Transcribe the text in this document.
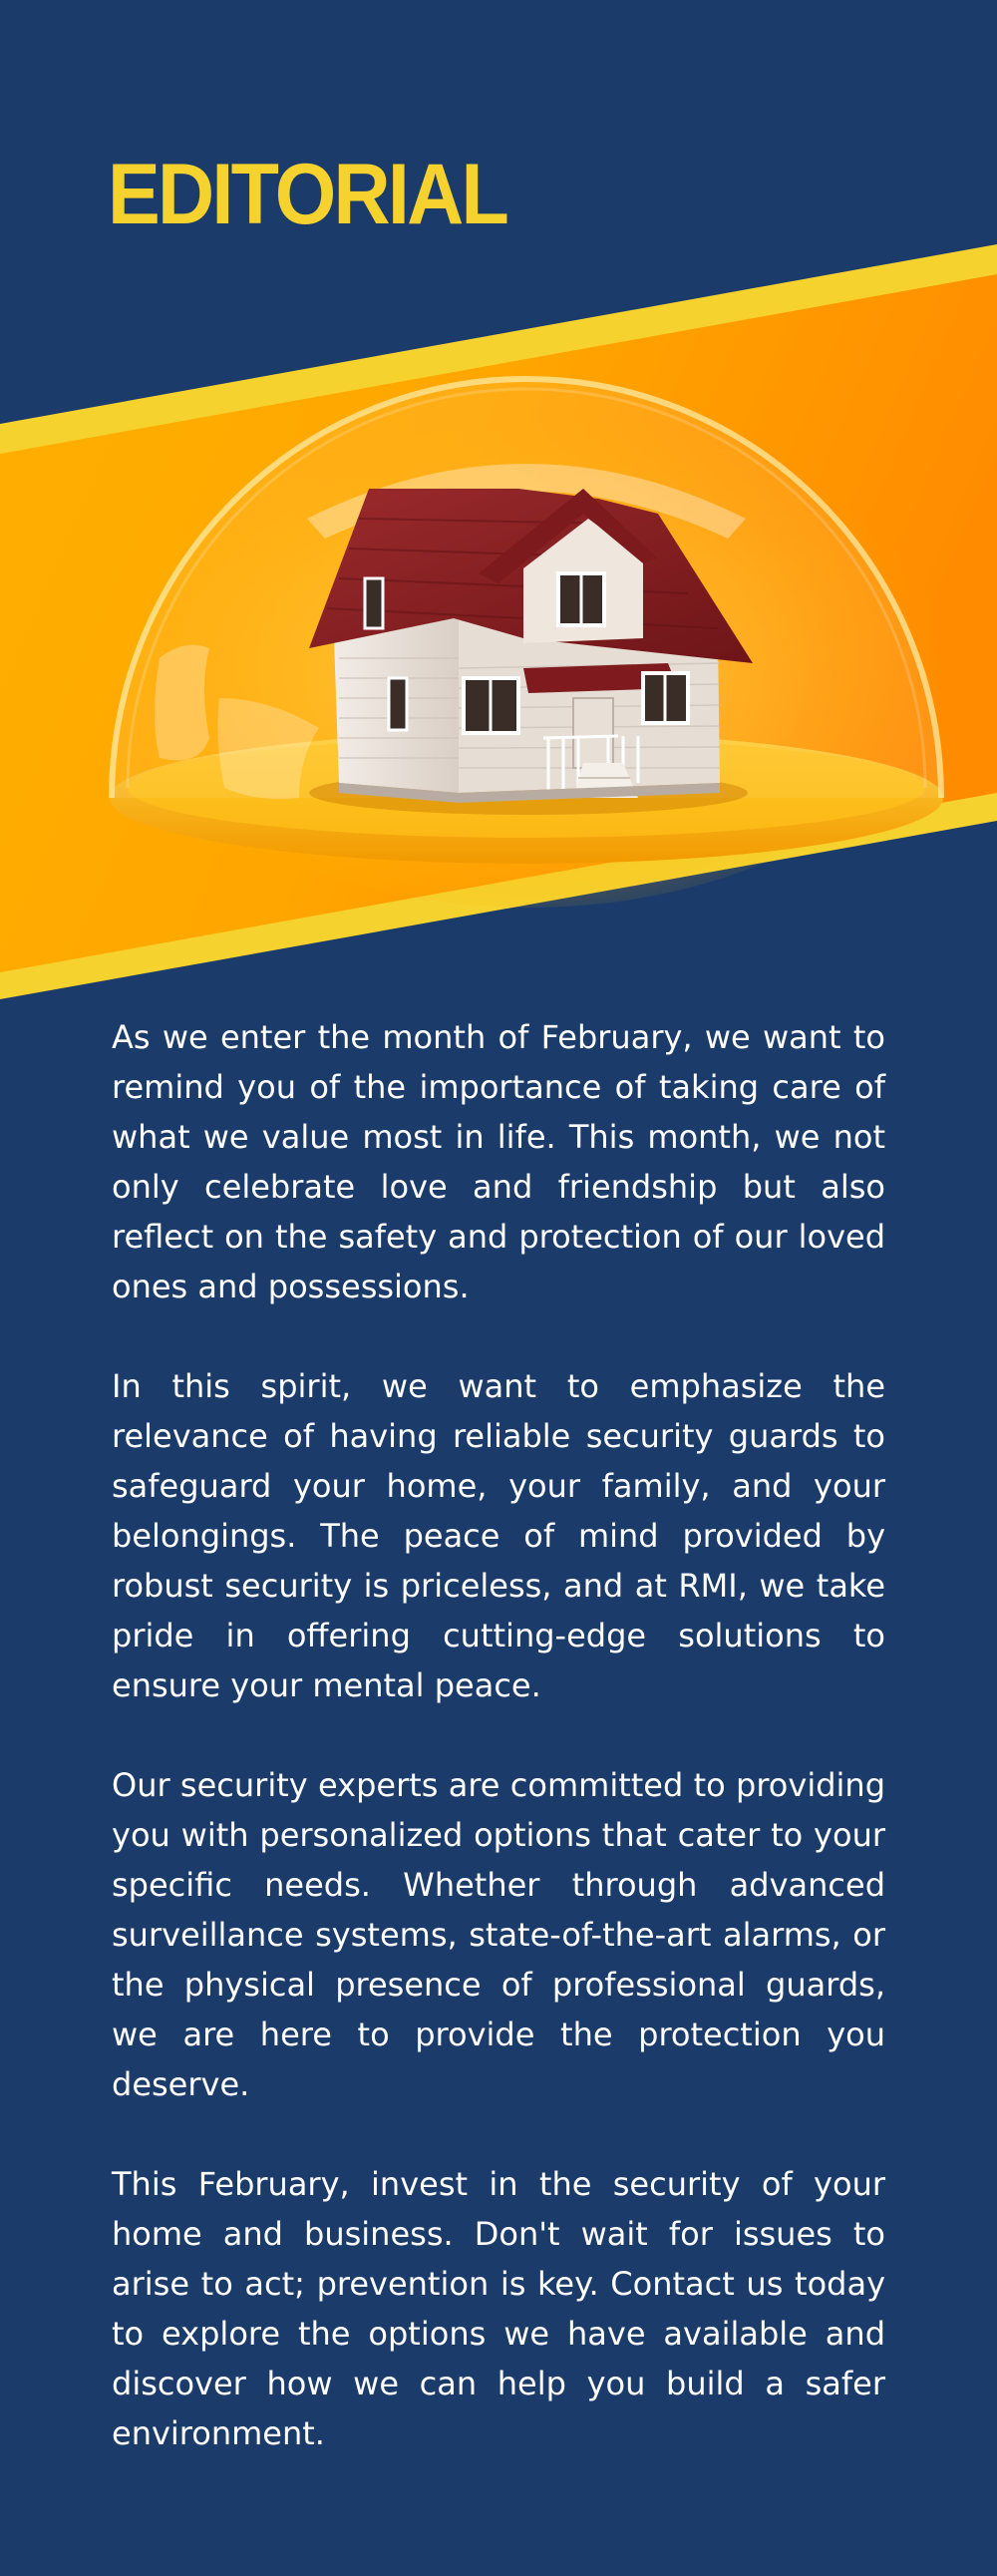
EDITORIAL

As we enter the month of February, we want to remind you of the importance of taking care of what we value most in life. This month, we not only celebrate love and friendship but also reflect on the safety and protection of our loved ones and possessions.

In this spirit, we want to emphasize the relevance of having reliable security guards to safeguard your home, your family, and your belongings. The peace of mind provided by robust security is priceless, and at RMI, we take pride in offering cutting-edge solutions to ensure your mental peace.

Our security experts are committed to providing you with personalized options that cater to your specific needs. Whether through advanced surveillance systems, state-of-the-art alarms, or the physical presence of professional guards, we are here to provide the protection you deserve.

This February, invest in the security of your home and business. Don't wait for issues to arise to act; prevention is key. Contact us today to explore the options we have available and discover how we can help you build a safer environment.
